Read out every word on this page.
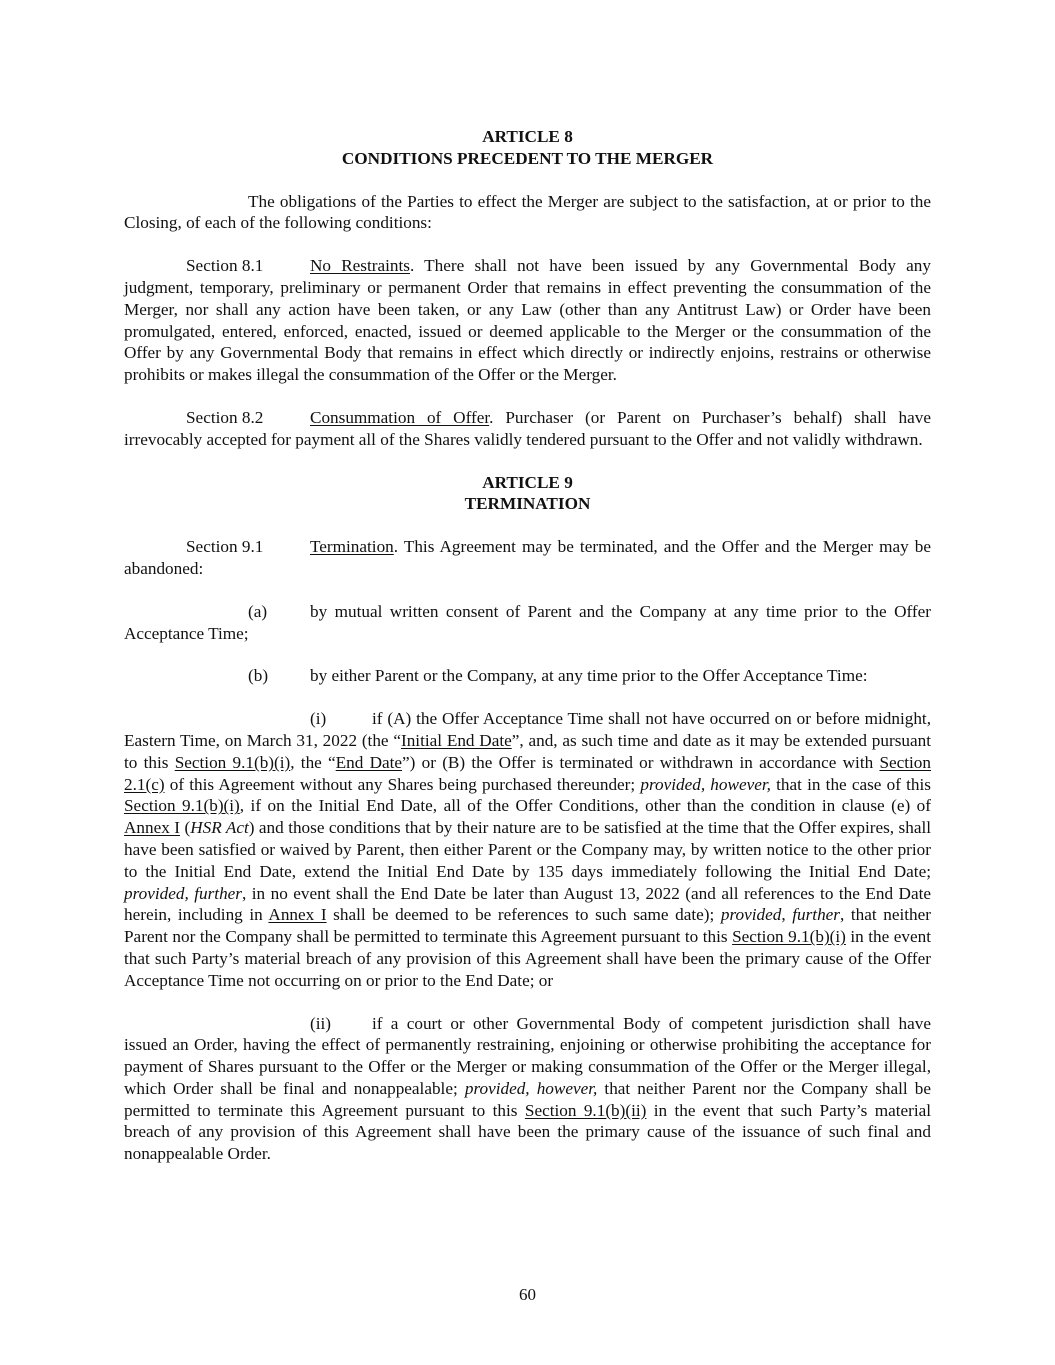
ARTICLE 8
CONDITIONS PRECEDENT TO THE MERGER

The obligations of the Parties to effect the Merger are subject to the satisfaction, at or prior to the Closing, of each of the following conditions:

Section 8.1	No Restraints. There shall not have been issued by any Governmental Body any judgment, temporary, preliminary or permanent Order that remains in effect preventing the consummation of the Merger, nor shall any action have been taken, or any Law (other than any Antitrust Law) or Order have been promulgated, entered, enforced, enacted, issued or deemed applicable to the Merger or the consummation of the Offer by any Governmental Body that remains in effect which directly or indirectly enjoins, restrains or otherwise prohibits or makes illegal the consummation of the Offer or the Merger.

Section 8.2	Consummation of Offer. Purchaser (or Parent on Purchaser’s behalf) shall have irrevocably accepted for payment all of the Shares validly tendered pursuant to the Offer and not validly withdrawn.

ARTICLE 9
TERMINATION

Section 9.1	Termination. This Agreement may be terminated, and the Offer and the Merger may be abandoned:

(a) by mutual written consent of Parent and the Company at any time prior to the Offer Acceptance Time;

(b) by either Parent or the Company, at any time prior to the Offer Acceptance Time:

(i)	if (A) the Offer Acceptance Time shall not have occurred on or before midnight, Eastern Time, on March 31, 2022 (the “Initial End Date”, and, as such time and date as it may be extended pursuant to this Section 9.1(b)(i), the “End Date”) or (B) the Offer is terminated or withdrawn in accordance with Section 2.1(c) of this Agreement without any Shares being purchased thereunder; provided, however, that in the case of this Section 9.1(b)(i), if on the Initial End Date, all of the Offer Conditions, other than the condition in clause (e) of Annex I (HSR Act) and those conditions that by their nature are to be satisfied at the time that the Offer expires, shall have been satisfied or waived by Parent, then either Parent or the Company may, by written notice to the other prior to the Initial End Date, extend the Initial End Date by 135 days immediately following the Initial End Date; provided, further, in no event shall the End Date be later than August 13, 2022 (and all references to the End Date herein, including in Annex I shall be deemed to be references to such same date); provided, further, that neither Parent nor the Company shall be permitted to terminate this Agreement pursuant to this Section 9.1(b)(i) in the event that such Party’s material breach of any provision of this Agreement shall have been the primary cause of the Offer Acceptance Time not occurring on or prior to the End Date; or

(ii) if a court or other Governmental Body of competent jurisdiction shall have issued an Order, having the effect of permanently restraining, enjoining or otherwise prohibiting the acceptance for payment of Shares pursuant to the Offer or the Merger or making consummation of the Offer or the Merger illegal, which Order shall be final and nonappealable; provided, however, that neither Parent nor the Company shall be permitted to terminate this Agreement pursuant to this Section 9.1(b)(ii) in the event that such Party’s material breach of any provision of this Agreement shall have been the primary cause of the issuance of such final and nonappealable Order.

60
